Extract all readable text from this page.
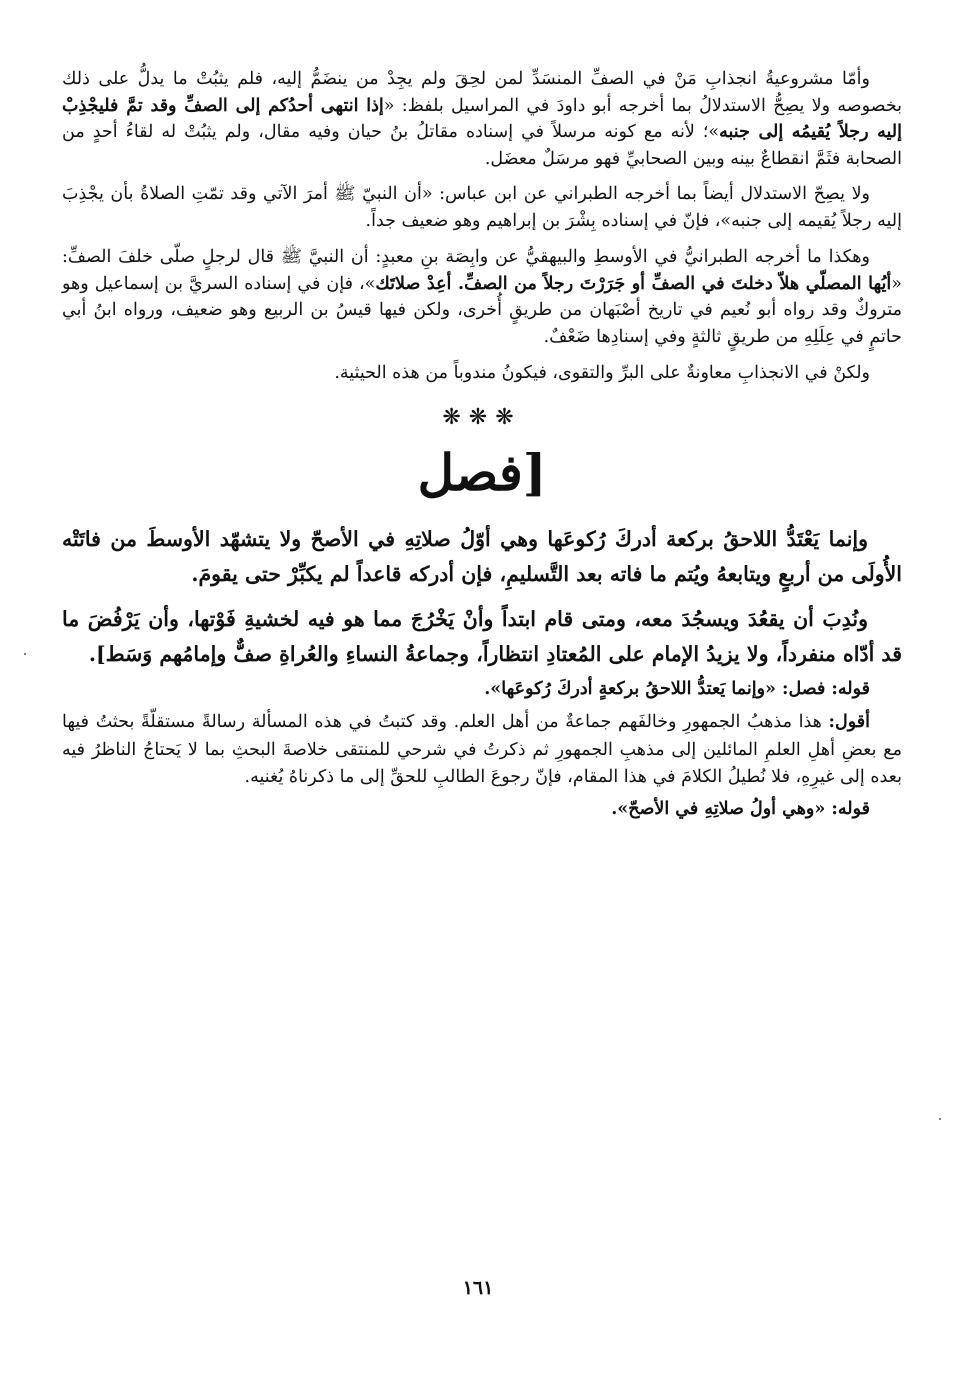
وأمّا مشروعيةُ انجذابِ مَنْ في الصفِّ المنسَدِّ لمن لحِقَ ولم يجِدْ من ينضَمُّ إليه، فلم يثبُتْ ما يدلُّ على ذلك بخصوصه ولا يصِحُّ الاستدلالُ بما أخرجه أبو داودَ في المراسيل بلفظ: «إذا انتهى أحدُكم إلى الصفِّ وقد تمَّ فليجْذِبْ إليه رجلاً يُقيمُه إلى جنبه»؛ لأنه مع كونه مرسلاً في إسناده مقاتلُ بنُ حيان وفيه مقال، ولم يثبُتْ له لقاءُ أحدٍ من الصحابة فثَمَّ انقطاعٌ بينه وبين الصحابيِّ فهو مرسَلٌ معضَل.

ولا يصِحّ الاستدلال أيضاً بما أخرجه الطبراني عن ابن عباس: «أن النبيّ ﷺ أمرَ الآتي وقد تمّتِ الصلاةُ بأن يجْذِبَ إليه رجلاً يُقيمه إلى جنبه»، فإنّ في إسناده بِشْرَ بن إبراهيم وهو ضعيف جداً.

وهكذا ما أخرجه الطبرانيُّ في الأوسطِ والبيهقيُّ عن وابِصَة بنِ معبدٍ: أن النبيَّ ﷺ قال لرجلٍ صلّى خلفَ الصفِّ: «أيُها المصلّي هلاّ دخلتَ في الصفِّ أو جَرَرْتَ رجلاً من الصفِّ. أعِدْ صلاتَك»، فإن في إسناده السريَّ بن إسماعيل وهو متروكٌ وقد رواه أبو نُعيم في تاريخ أصْبَهان من طريقٍ أُخرى، ولكن فيها قيسُ بن الربيع وهو ضعيف، ورواه ابنُ أبي حاتمٍ في عِلَلِهِ من طريقٍ ثالثةٍ وفي إسنادِها ضَعْفٌ.

ولكنْ في الانجذابِ معاونةٌ على البرِّ والتقوى، فيكونُ مندوباً من هذه الحيثية.

❋❋❋
[فصل

وإنما يَعْتَدُّ اللاحقُ بركعة أدركَ رُكوعَها وهي أوّلُ صلاتِهِ في الأصحّ ولا يتشهّد الأوسطَ من فاتَتْه الأُولَى من أربعٍ ويتابعهُ ويُتم ما فاته بعد التَّسليمِ، فإن أدركه قاعداً لم يكبِّرْ حتى يقومَ.

ونُدِبَ أن يقعُدَ ويسجُدَ معه، ومتى قام ابتداً وأنْ يَخْرُجَ مما هو فيه لخشيةِ فَوْتها، وأن يَرْفُضَ ما قد أدّاه منفرداً، ولا يزيدُ الإمام على المُعتادِ انتظاراً، وجماعةُ النساءِ والعُراةِ صفٌّ وإمامُهم وَسَط].

قوله: فصل: «وإنما يَعتدُّ اللاحقُ بركعةٍ أدركَ رُكوعَها».

أقول: هذا مذهبُ الجمهورِ وخالفَهم جماعةٌ من أهل العلم. وقد كتبتُ في هذه المسألة رسالةً مستقلّةً بحثتُ فيها مع بعضِ أهلِ العلمِ المائلين إلى مذهبِ الجمهورِ ثم ذكرتُ في شرحي للمنتقى خلاصةَ البحثِ بما لا يَحتاجُ الناظرُ فيه بعده إلى غيرِهِ، فلا نُطيلُ الكلامَ في هذا المقام، فإنّ رجوعَ الطالبِ للحقِّ إلى ما ذكرناهُ يُغنيه.

قوله: «وهي أولُ صلاتِهِ في الأصحّ».

١٦١
